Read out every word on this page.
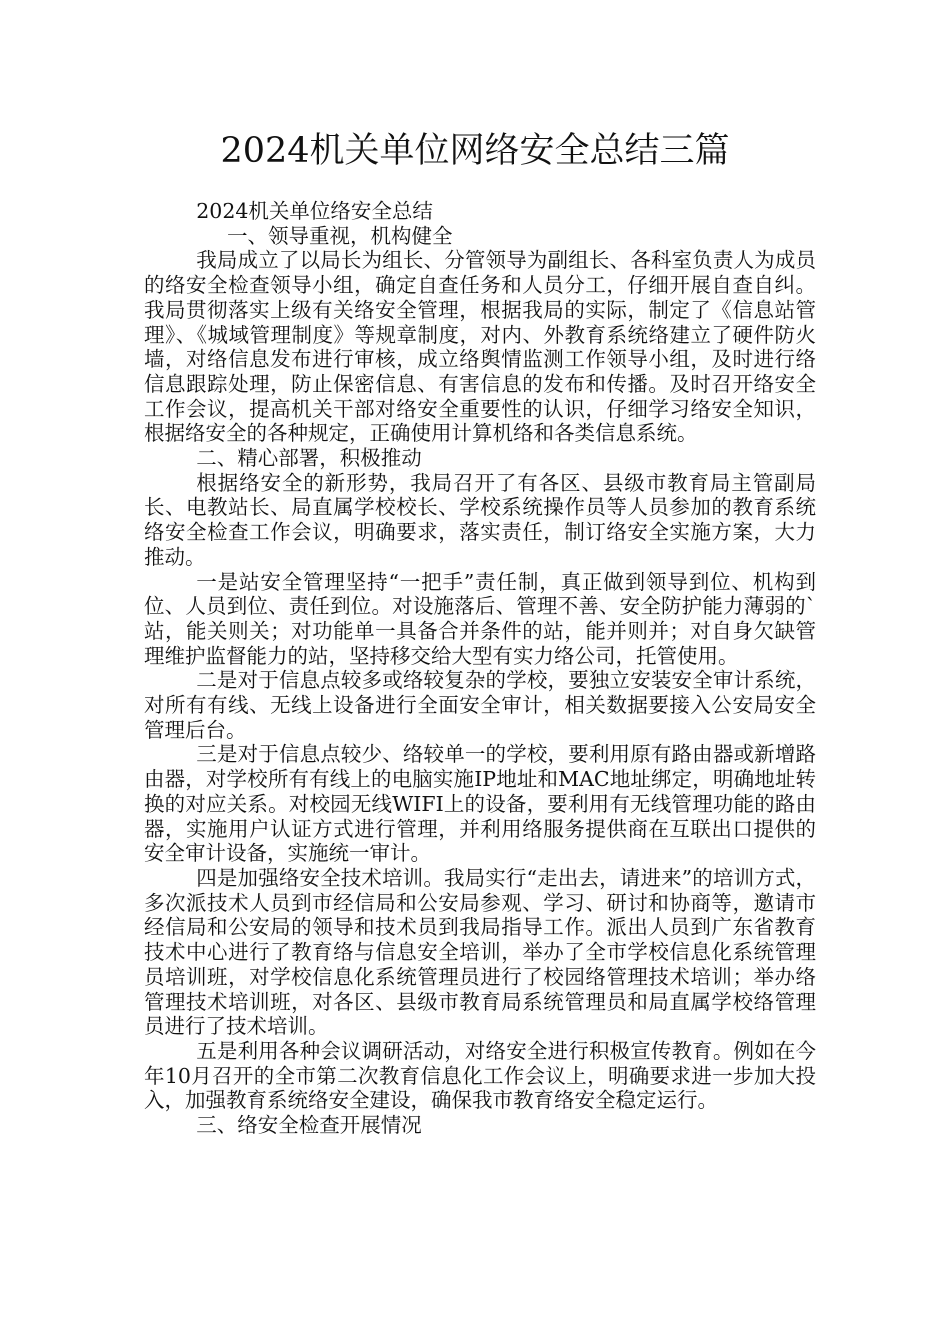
2024机关单位网络安全总结三篇

2024机关单位络安全总结

一、领导重视，机构健全

我局成立了以局长为组长、分管领导为副组长、各科室负责人为成员的络安全检查领导小组，确定自查任务和人员分工，仔细开展自查自纠。我局贯彻落实上级有关络安全管理，根据我局的实际，制定了《信息站管理》、《城域管理制度》等规章制度，对内、外教育系统络建立了硬件防火墙，对络信息发布进行审核，成立络舆情监测工作领导小组，及时进行络信息跟踪处理，防止保密信息、有害信息的发布和传播。及时召开络安全工作会议，提高机关干部对络安全重要性的认识，仔细学习络安全知识，根据络安全的各种规定，正确使用计算机络和各类信息系统。

二、精心部署，积极推动

根据络安全的新形势，我局召开了有各区、县级市教育局主管副局长、电教站长、局直属学校校长、学校系统操作员等人员参加的教育系统络安全检查工作会议，明确要求，落实责任，制订络安全实施方案，大力推动。

一是站安全管理坚持“一把手”责任制，真正做到领导到位、机构到位、人员到位、责任到位。对设施落后、管理不善、安全防护能力薄弱的`站，能关则关；对功能单一具备合并条件的站，能并则并；对自身欠缺管理维护监督能力的站，坚持移交给大型有实力络公司，托管使用。

二是对于信息点较多或络较复杂的学校，要独立安装安全审计系统，对所有有线、无线上设备进行全面安全审计，相关数据要接入公安局安全管理后台。

三是对于信息点较少、络较单一的学校，要利用原有路由器或新增路由器，对学校所有有线上的电脑实施IP地址和MAC地址绑定，明确地址转换的对应关系。对校园无线WIFI上的设备，要利用有无线管理功能的路由器，实施用户认证方式进行管理，并利用络服务提供商在互联出口提供的安全审计设备，实施统一审计。

四是加强络安全技术培训。我局实行“走出去，请进来”的培训方式，多次派技术人员到市经信局和公安局参观、学习、研讨和协商等，邀请市经信局和公安局的领导和技术员到我局指导工作。派出人员到广东省教育技术中心进行了教育络与信息安全培训，举办了全市学校信息化系统管理员培训班，对学校信息化系统管理员进行了校园络管理技术培训；举办络管理技术培训班，对各区、县级市教育局系统管理员和局直属学校络管理员进行了技术培训。

五是利用各种会议调研活动，对络安全进行积极宣传教育。例如在今年10月召开的全市第二次教育信息化工作会议上，明确要求进一步加大投入，加强教育系统络安全建设，确保我市教育络安全稳定运行。

三、络安全检查开展情况
